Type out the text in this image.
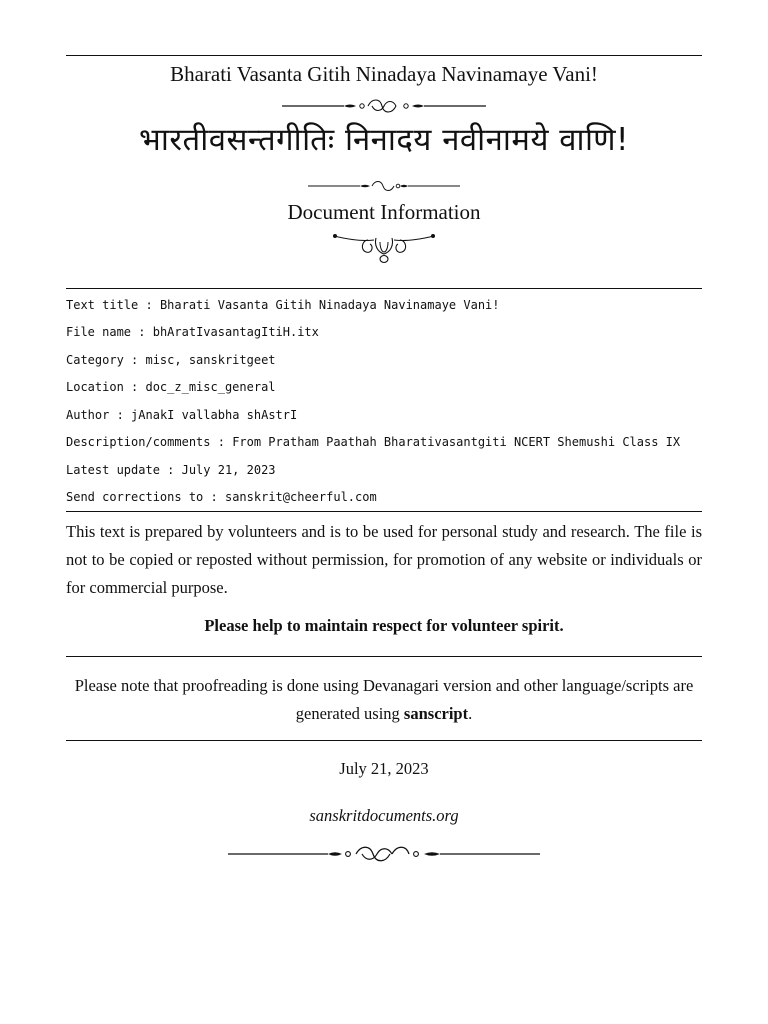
Bharati Vasanta Gitih Ninadaya Navinamaye Vani!
भारतीवसन्तगीतिः निनादय नवीनामये वाणि!
Document Information
Text title : Bharati Vasanta Gitih Ninadaya Navinamaye Vani!
File name : bhAratIvasantagItiH.itx
Category : misc, sanskritgeet
Location : doc_z_misc_general
Author : jAnakI vallabha shAstrI
Description/comments : From Pratham Paathah Bharativasantgiti NCERT Shemushi Class IX
Latest update : July 21, 2023
Send corrections to : sanskrit@cheerful.com
This text is prepared by volunteers and is to be used for personal study and research. The file is not to be copied or reposted without permission, for promotion of any website or individuals or for commercial purpose.
Please help to maintain respect for volunteer spirit.
Please note that proofreading is done using Devanagari version and other language/scripts are generated using sanscript.
July 21, 2023
sanskritdocuments.org
